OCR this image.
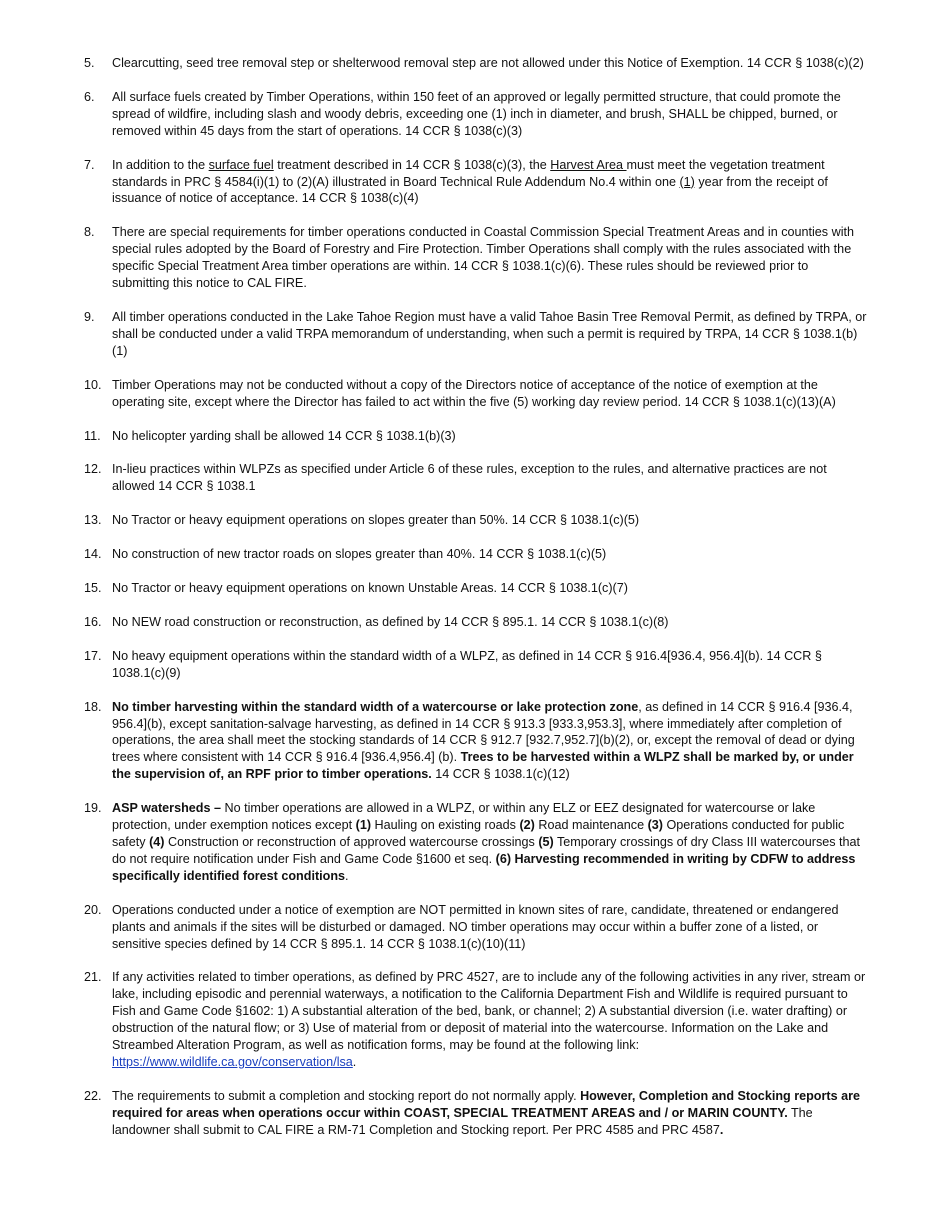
5. Clearcutting, seed tree removal step or shelterwood removal step are not allowed under this Notice of Exemption. 14 CCR § 1038(c)(2)
6. All surface fuels created by Timber Operations, within 150 feet of an approved or legally permitted structure, that could promote the spread of wildfire, including slash and woody debris, exceeding one (1) inch in diameter, and brush, SHALL be chipped, burned, or removed within 45 days from the start of operations. 14 CCR § 1038(c)(3)
7. In addition to the surface fuel treatment described in 14 CCR § 1038(c)(3), the Harvest Area must meet the vegetation treatment standards in PRC § 4584(i)(1) to (2)(A) illustrated in Board Technical Rule Addendum No.4 within one (1) year from the receipt of issuance of notice of acceptance. 14 CCR § 1038(c)(4)
8. There are special requirements for timber operations conducted in Coastal Commission Special Treatment Areas and in counties with special rules adopted by the Board of Forestry and Fire Protection. Timber Operations shall comply with the rules associated with the specific Special Treatment Area timber operations are within. 14 CCR § 1038.1(c)(6). These rules should be reviewed prior to submitting this notice to CAL FIRE.
9. All timber operations conducted in the Lake Tahoe Region must have a valid Tahoe Basin Tree Removal Permit, as defined by TRPA, or shall be conducted under a valid TRPA memorandum of understanding, when such a permit is required by TRPA, 14 CCR § 1038.1(b)(1)
10. Timber Operations may not be conducted without a copy of the Directors notice of acceptance of the notice of exemption at the operating site, except where the Director has failed to act within the five (5) working day review period. 14 CCR § 1038.1(c)(13)(A)
11. No helicopter yarding shall be allowed 14 CCR § 1038.1(b)(3)
12. In-lieu practices within WLPZs as specified under Article 6 of these rules, exception to the rules, and alternative practices are not allowed 14 CCR § 1038.1
13. No Tractor or heavy equipment operations on slopes greater than 50%. 14 CCR § 1038.1(c)(5)
14. No construction of new tractor roads on slopes greater than 40%. 14 CCR § 1038.1(c)(5)
15. No Tractor or heavy equipment operations on known Unstable Areas. 14 CCR § 1038.1(c)(7)
16. No NEW road construction or reconstruction, as defined by 14 CCR § 895.1. 14 CCR § 1038.1(c)(8)
17. No heavy equipment operations within the standard width of a WLPZ, as defined in 14 CCR § 916.4[936.4, 956.4](b). 14 CCR § 1038.1(c)(9)
18. No timber harvesting within the standard width of a watercourse or lake protection zone, as defined in 14 CCR § 916.4 [936.4, 956.4](b), except sanitation-salvage harvesting, as defined in 14 CCR § 913.3 [933.3,953.3], where immediately after completion of operations, the area shall meet the stocking standards of 14 CCR § 912.7 [932.7,952.7](b)(2), or, except the removal of dead or dying trees where consistent with 14 CCR § 916.4 [936.4,956.4] (b). Trees to be harvested within a WLPZ shall be marked by, or under the supervision of, an RPF prior to timber operations. 14 CCR § 1038.1(c)(12)
19. ASP watersheds – No timber operations are allowed in a WLPZ, or within any ELZ or EEZ designated for watercourse or lake protection, under exemption notices except (1) Hauling on existing roads (2) Road maintenance (3) Operations conducted for public safety (4) Construction or reconstruction of approved watercourse crossings (5) Temporary crossings of dry Class III watercourses that do not require notification under Fish and Game Code §1600 et seq. (6) Harvesting recommended in writing by CDFW to address specifically identified forest conditions.
20. Operations conducted under a notice of exemption are NOT permitted in known sites of rare, candidate, threatened or endangered plants and animals if the sites will be disturbed or damaged. NO timber operations may occur within a buffer zone of a listed, or sensitive species defined by 14 CCR § 895.1. 14 CCR § 1038.1(c)(10)(11)
21. If any activities related to timber operations, as defined by PRC 4527, are to include any of the following activities in any river, stream or lake, including episodic and perennial waterways, a notification to the California Department Fish and Wildlife is required pursuant to Fish and Game Code §1602: 1) A substantial alteration of the bed, bank, or channel; 2) A substantial diversion (i.e. water drafting) or obstruction of the natural flow; or 3) Use of material from or deposit of material into the watercourse. Information on the Lake and Streambed Alteration Program, as well as notification forms, may be found at the following link: https://www.wildlife.ca.gov/conservation/lsa.
22. The requirements to submit a completion and stocking report do not normally apply. However, Completion and Stocking reports are required for areas when operations occur within COAST, SPECIAL TREATMENT AREAS and / or MARIN COUNTY. The landowner shall submit to CAL FIRE a RM-71 Completion and Stocking report. Per PRC 4585 and PRC 4587.
